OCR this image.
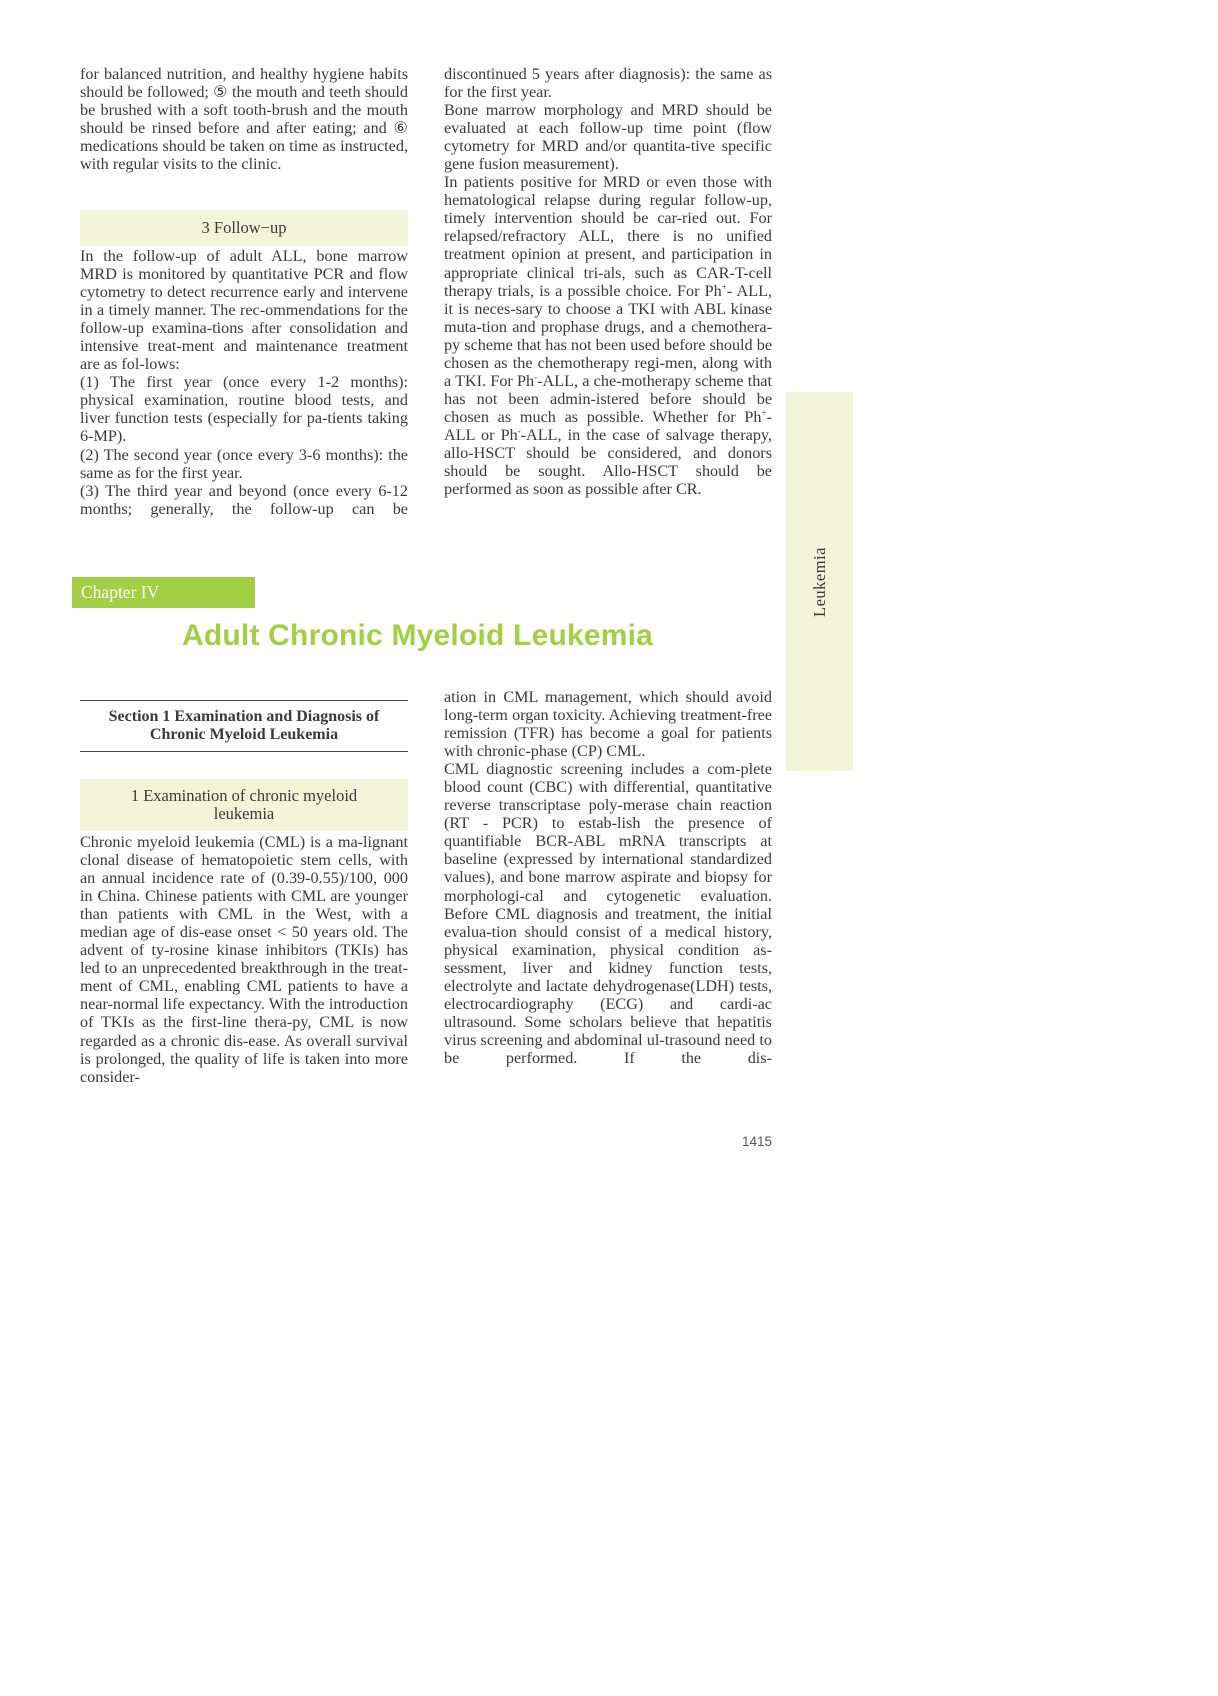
for balanced nutrition, and healthy hygiene habits should be followed; ⑤ the mouth and teeth should be brushed with a soft tooth-brush and the mouth should be rinsed before and after eating; and ⑥ medications should be taken on time as instructed, with regular visits to the clinic.

3 Follow−up

In the follow-up of adult ALL, bone marrow MRD is monitored by quantitative PCR and flow cytometry to detect recurrence early and intervene in a timely manner. The rec-ommendations for the follow-up examina-tions after consolidation and intensive treat-ment and maintenance treatment are as fol-lows:

(1) The first year (once every 1-2 months): physical examination, routine blood tests, and liver function tests (especially for pa-tients taking 6-MP).

(2) The second year (once every 3-6 months): the same as for the first year.

(3) The third year and beyond (once every 6-12 months; generally, the follow-up can be

discontinued 5 years after diagnosis): the same as for the first year.

Bone marrow morphology and MRD should be evaluated at each follow-up time point (flow cytometry for MRD and/or quantita-tive specific gene fusion measurement).

In patients positive for MRD or even those with hematological relapse during regular follow-up, timely intervention should be car-ried out. For relapsed/refractory ALL, there is no unified treatment opinion at present, and participation in appropriate clinical tri-als, such as CAR-T-cell therapy trials, is a possible choice. For Ph+- ALL, it is neces-sary to choose a TKI with ABL kinase muta-tion and prophase drugs, and a chemothera-py scheme that has not been used before should be chosen as the chemotherapy regi-men, along with a TKI. For Ph--ALL, a che-motherapy scheme that has not been admin-istered before should be chosen as much as possible. Whether for Ph+- ALL or Ph--ALL, in the case of salvage therapy, allo-HSCT should be considered, and donors should be sought. Allo-HSCT should be performed as soon as possible after CR.

Leukemia
Chapter IV
Adult Chronic Myeloid Leukemia
Section 1 Examination and Diagnosis of
Chronic Myeloid Leukemia
1 Examination of chronic myeloid
leukemia

Chronic myeloid leukemia (CML) is a ma-lignant clonal disease of hematopoietic stem cells, with an annual incidence rate of (0.39-0.55)/100, 000 in China. Chinese patients with CML are younger than patients with CML in the West, with a median age of dis-ease onset < 50 years old. The advent of ty-rosine kinase inhibitors (TKIs) has led to an unprecedented breakthrough in the treat-ment of CML, enabling CML patients to have a near-normal life expectancy. With the introduction of TKIs as the first-line thera-py, CML is now regarded as a chronic dis-ease. As overall survival is prolonged, the quality of life is taken into more consider-

ation in CML management, which should avoid long-term organ toxicity. Achieving treatment-free remission (TFR) has become a goal for patients with chronic-phase (CP) CML.

CML diagnostic screening includes a com-plete blood count (CBC) with differential, quantitative reverse transcriptase poly-merase chain reaction (RT - PCR) to estab-lish the presence of quantifiable BCR-ABL mRNA transcripts at baseline (expressed by international standardized values), and bone marrow aspirate and biopsy for morphologi-cal and cytogenetic evaluation. Before CML diagnosis and treatment, the initial evalua-tion should consist of a medical history, physical examination, physical condition as-sessment, liver and kidney function tests, electrolyte and lactate dehydrogenase(LDH) tests, electrocardiography (ECG) and cardi-ac ultrasound. Some scholars believe that hepatitis virus screening and abdominal ul-trasound need to be performed. If the dis-

1415
